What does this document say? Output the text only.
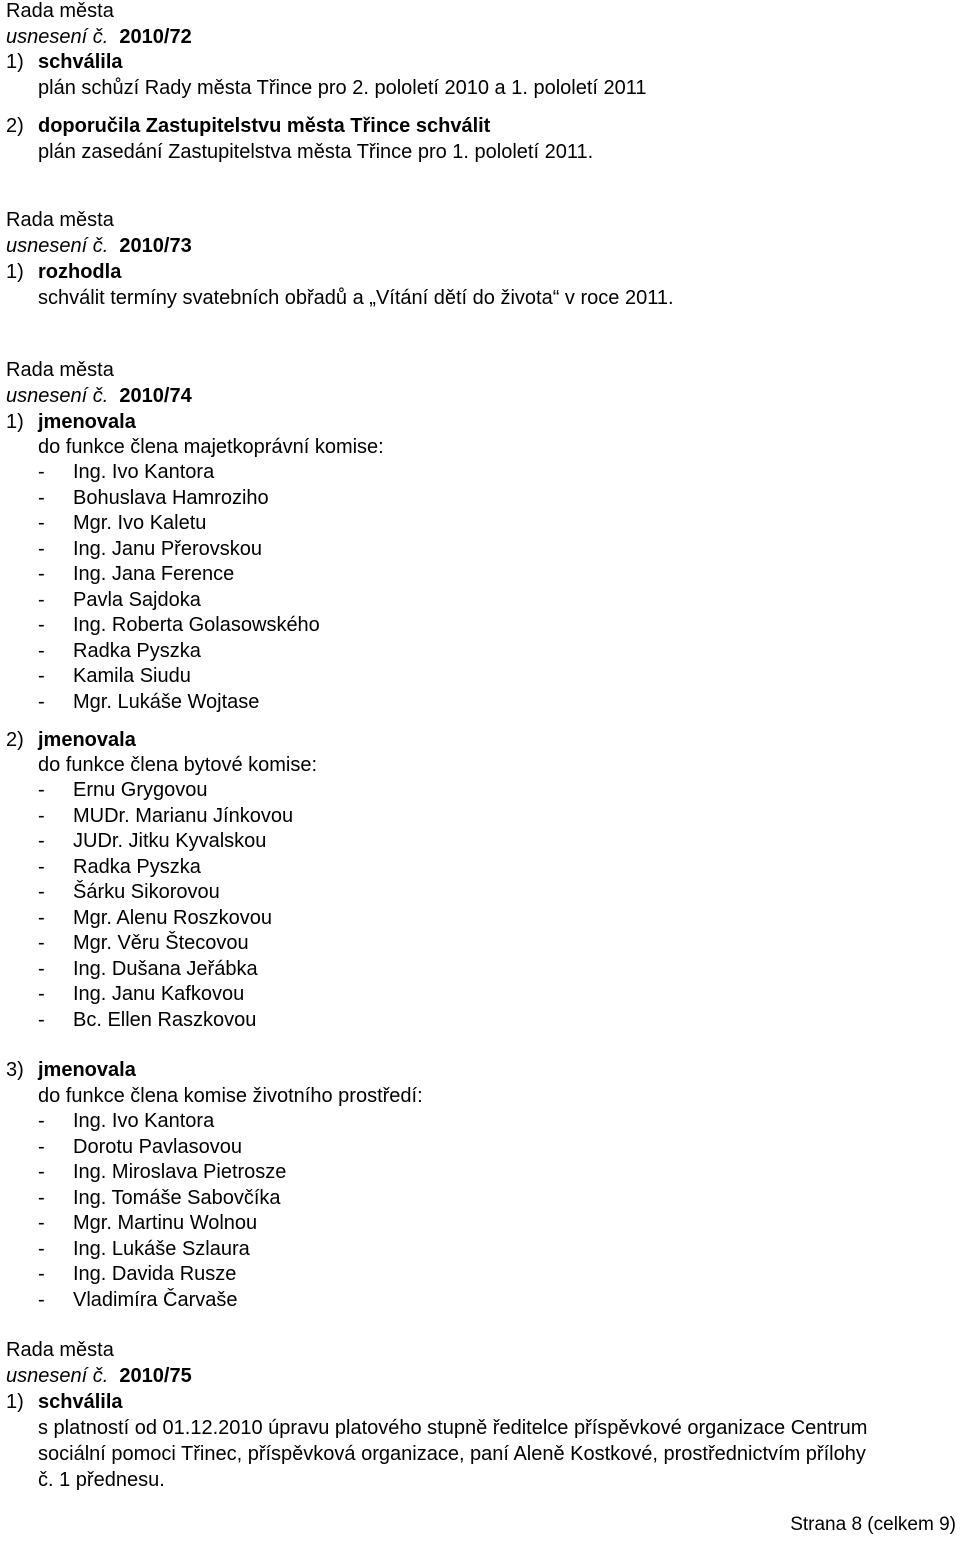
Rada města
usnesení č. 2010/72
1) schválila
plán schůzí Rady města Třince pro 2. pololetí 2010 a 1. pololetí 2011
2) doporučila Zastupitelstvu města Třince schválit
plán zasedání Zastupitelstva města Třince pro 1. pololetí 2011.
Rada města
usnesení č. 2010/73
1) rozhodla
schválit termíny svatebních obřadů a „Vítání dětí do života“ v roce 2011.
Rada města
usnesení č. 2010/74
1) jmenovala
do funkce člena majetkoprávní komise:
- Ing. Ivo Kantora
- Bohuslava Hamroziho
- Mgr. Ivo Kaletu
- Ing. Janu Přerovskou
- Ing. Jana Ference
- Pavla Sajdoka
- Ing. Roberta Golasowského
- Radka Pyszka
- Kamila Siudu
- Mgr. Lukáše Wojtase
2) jmenovala
do funkce člena bytové komise:
- Ernu Grygovou
- MUDr. Marianu Jínkovou
- JUDr. Jitku Kyvalskou
- Radka Pyszka
- Šárku Sikorovou
- Mgr. Alenu Roszkovou
- Mgr. Věru Štecovou
- Ing. Dušana Jeřábka
- Ing. Janu Kafkovou
- Bc. Ellen Raszkovou
3) jmenovala
do funkce člena komise životního prostředí:
- Ing. Ivo Kantora
- Dorotu Pavlasovou
- Ing. Miroslava Pietrosze
- Ing. Tomáše Sabovčíka
- Mgr. Martinu Wolnou
- Ing. Lukáše Szlaura
- Ing. Davida Rusze
- Vladimíra Čarvaše
Rada města
usnesení č. 2010/75
1) schválila
s platností od 01.12.2010 úpravu platového stupně ředitelce příspěvkové organizace Centrum
sociální pomoci Třinec, příspěvková organizace, paní Aleně Kostkové, prostřednictvím přílohy
č. 1 přednesu.
Strana 8 (celkem 9)
